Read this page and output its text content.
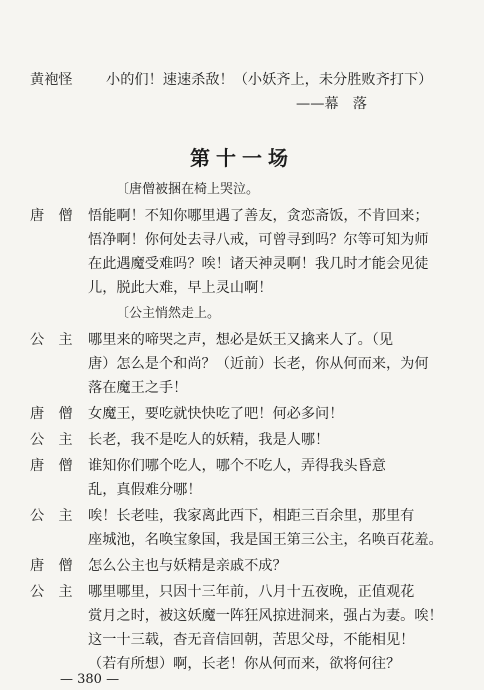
黄袍怪 小的们！速速杀敌！（小妖齐上，未分胜败齐打下）
——幕　落
第十一场
〔唐僧被捆在椅上哭泣。
唐　僧 悟能啊！不知你哪里遇了善友，贪恋斋饭，不肯回来；
悟净啊！你何处去寻八戒，可曾寻到吗？尔等可知为师
在此遇魔受难吗？唉！诸天神灵啊！我几时才能会见徒
儿，脱此大难，早上灵山啊！
〔公主悄然走上。
公　主 哪里来的啼哭之声，想必是妖王又擒来人了。（见
唐）怎么是个和尚？（近前）长老，你从何而来，为何
落在魔王之手！
唐　僧 女魔王，要吃就快快吃了吧！何必多问！
公　主 长老，我不是吃人的妖精，我是人哪！
唐　僧 谁知你们哪个吃人，哪个不吃人，弄得我头昏意
乱，真假难分哪！
公　主 唉！长老哇，我家离此西下，相距三百余里，那里有
座城池，名唤宝象国，我是国王第三公主，名唤百花羞。
唐　僧 怎么公主也与妖精是亲戚不成？
公　主 哪里哪里，只因十三年前，八月十五夜晚，正值观花
赏月之时，被这妖魔一阵狂风掠进洞来，强占为妻。唉！
这一十三载，杳无音信回朝，苦思父母，不能相见！
（若有所想）啊，长老！你从何而来，欲将何往？
— 380 —
